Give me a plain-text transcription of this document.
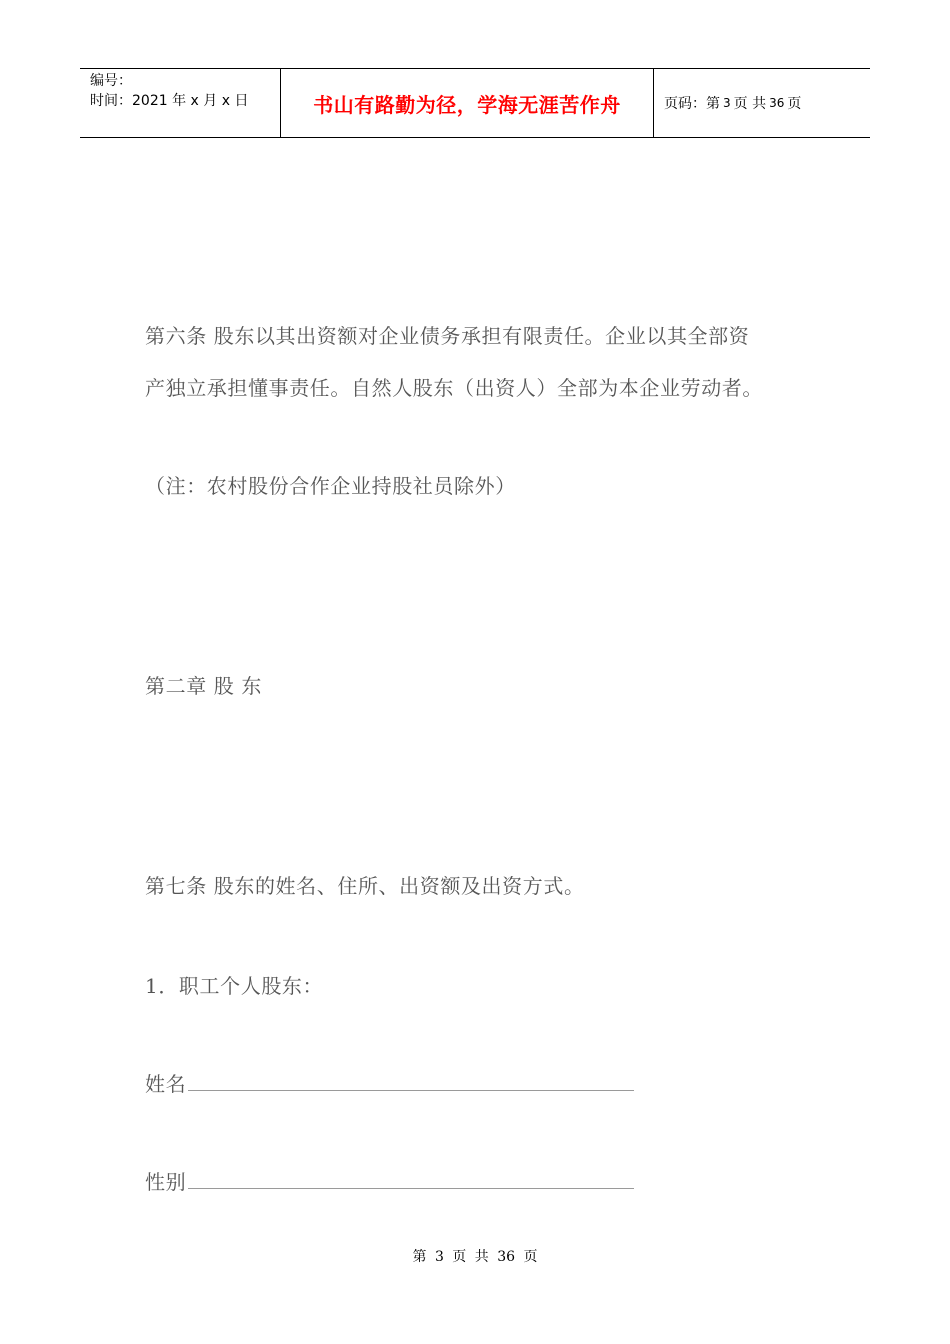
编号：
时间：2021 年 x 月 x 日	书山有路勤为径，学海无涯苦作舟	页码：第 3 页 共 36 页
第六条 股东以其出资额对企业债务承担有限责任。企业以其全部资
产独立承担懂事责任。自然人股东（出资人）全部为本企业劳动者。
（注：农村股份合作企业持股社员除外）
第二章 股 东
第七条 股东的姓名、住所、出资额及出资方式。
1．职工个人股东：
姓名
性别
第 3 页 共 36 页
